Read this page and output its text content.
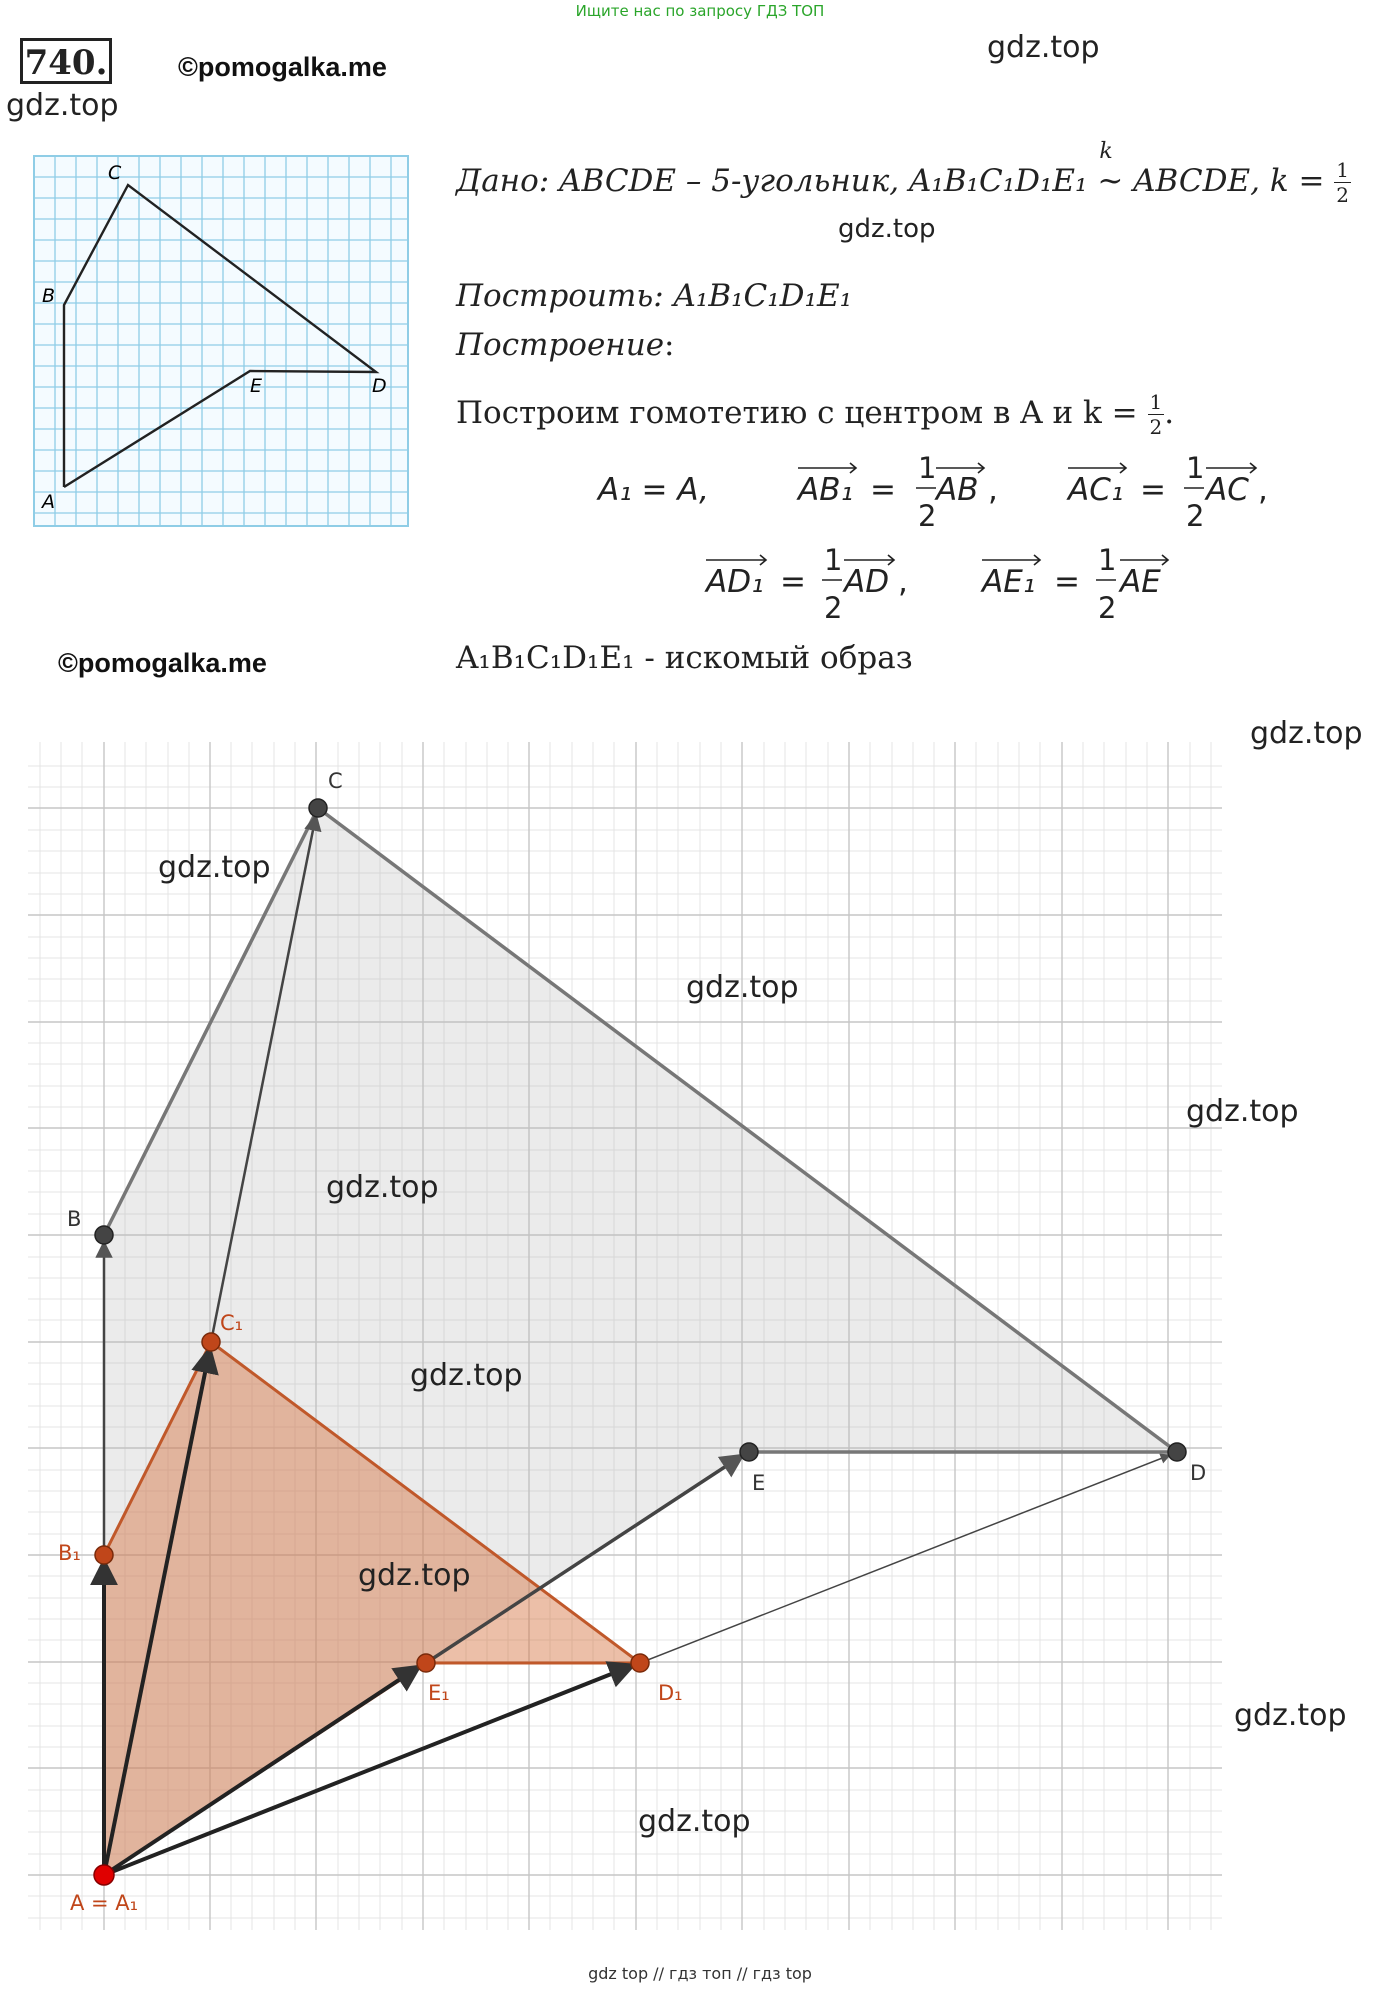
Ищите нас по запросу ГДЗ ТОП
740.	©pomogalka.me
gdz.top
gdz.top
C
B
E	D
A
Дано: ABCDE – 5-угольник, A₁B₁C₁D₁E₁
k
~ ABCDE, $k = \frac{1}{2}$
gdz.top
Построить: A₁B₁C₁D₁E₁
Построение:
Построим гомотетию с центром в A и $k = \frac{1}{2}$ .
A₁ = A,	AB₁ =
1
2
AB , AC₁ =
1
2
AC ,
AD₁ =
1
2
AD , AE₁ =
1
2
AE
©pomogalka.me	A₁B₁C₁D₁E₁ - искомый образ
C
B
E	D
C₁
B₁
E₁	D₁
A = A₁
gdz.top
gdz.top
gdz.top
gdz.top
gdz.top
gdz.top
gdz.top
gdz.top
gdz.top
gdz top // гдз топ // гдз top
